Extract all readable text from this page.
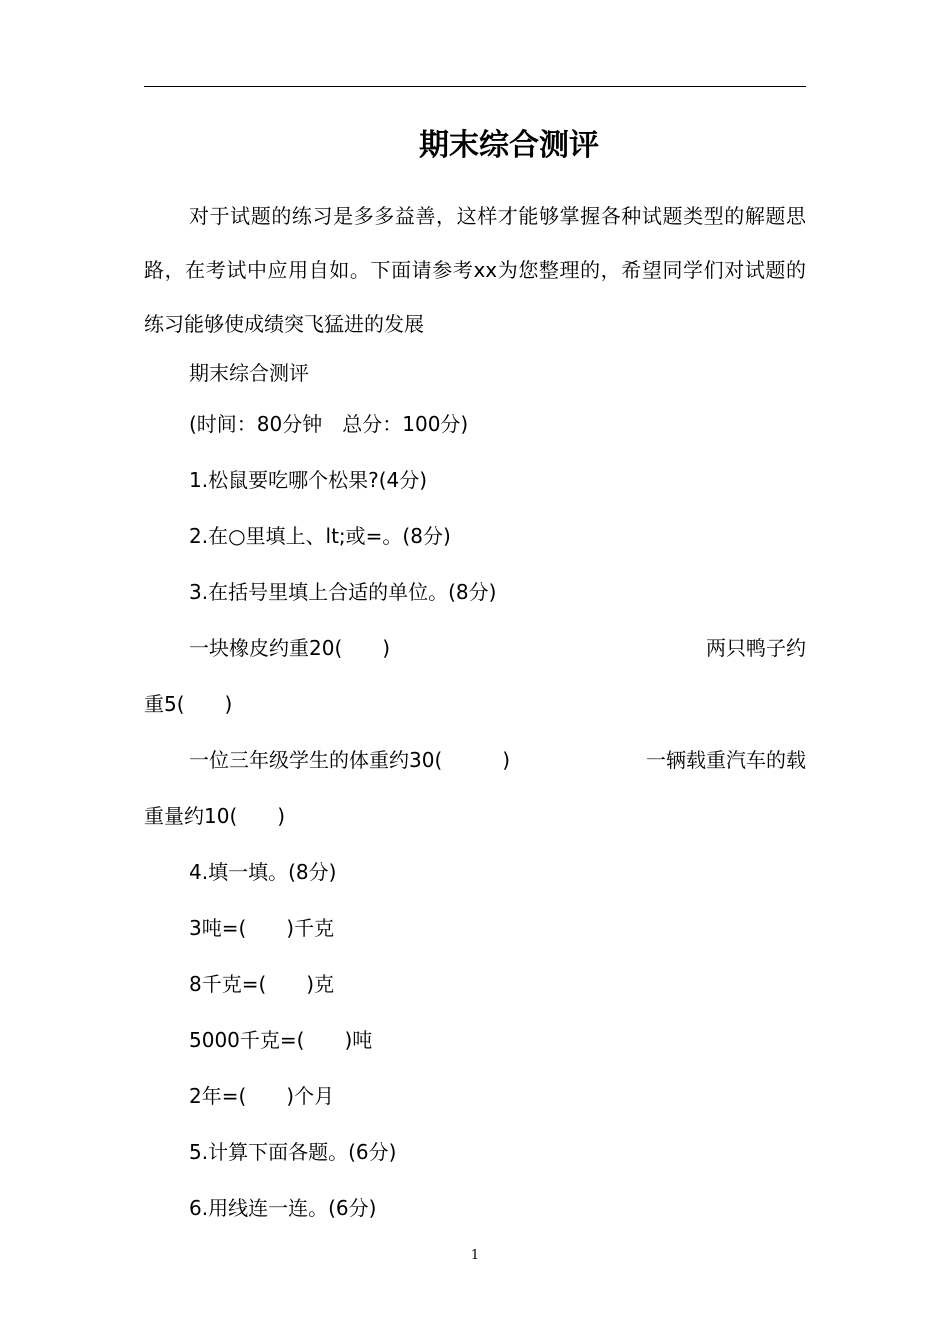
期末综合测评
对于试题的练习是多多益善，这样才能够掌握各种试题类型的解题思路，在考试中应用自如。下面请参考xx为您整理的，希望同学们对试题的练习能够使成绩突飞猛进的发展
期末综合测评
(时间：80分钟　总分：100分)
1.松鼠要吃哪个松果?(4分)
2.在○里填上、lt;或=。(8分)
3.在括号里填上合适的单位。(8分)
一块橡皮约重20(　　)	两只鸭子约
重5(　　)
一位三年级学生的体重约30(　　　)	一辆载重汽车的载
重量约10(　　)
4.填一填。(8分)
3吨=(　　)千克
8千克=(　　)克
5000千克=(　　)吨
2年=(　　)个月
5.计算下面各题。(6分)
6.用线连一连。(6分)
1
